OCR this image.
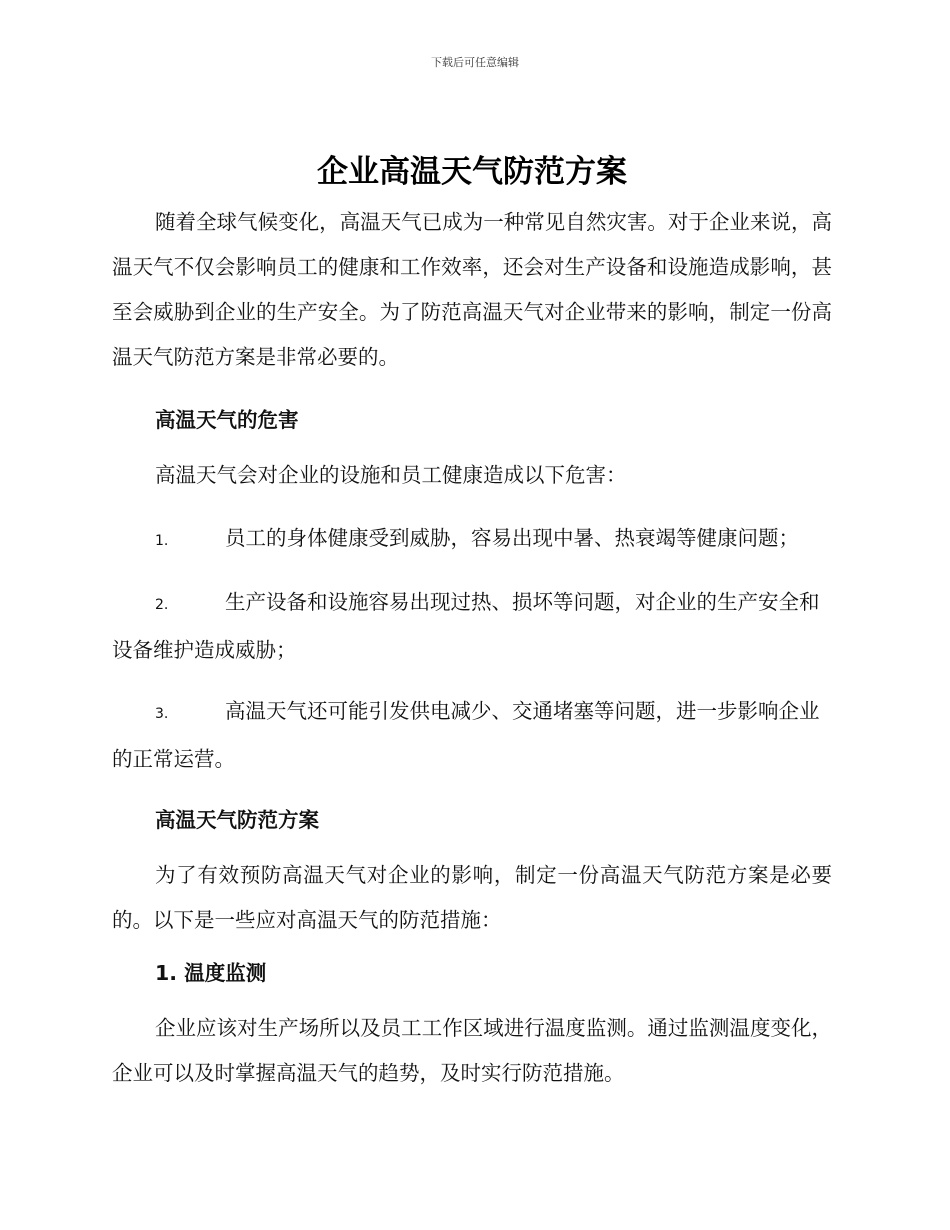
下载后可任意编辑
企业高温天气防范方案

随着全球气候变化，高温天气已成为一种常见自然灾害。对于企业来说，高温天气不仅会影响员工的健康和工作效率，还会对生产设备和设施造成影响，甚至会威胁到企业的生产安全。为了防范高温天气对企业带来的影响，制定一份高温天气防范方案是非常必要的。

高温天气的危害

高温天气会对企业的设施和员工健康造成以下危害：

1.	员工的身体健康受到威胁，容易出现中暑、热衰竭等健康问题；

2.	生产设备和设施容易出现过热、损坏等问题，对企业的生产安全和设备维护造成威胁；

3.	高温天气还可能引发供电减少、交通堵塞等问题，进一步影响企业的正常运营。

高温天气防范方案

为了有效预防高温天气对企业的影响，制定一份高温天气防范方案是必要的。以下是一些应对高温天气的防范措施：

1. 温度监测

企业应该对生产场所以及员工工作区域进行温度监测。通过监测温度变化，企业可以及时掌握高温天气的趋势，及时实行防范措施。
